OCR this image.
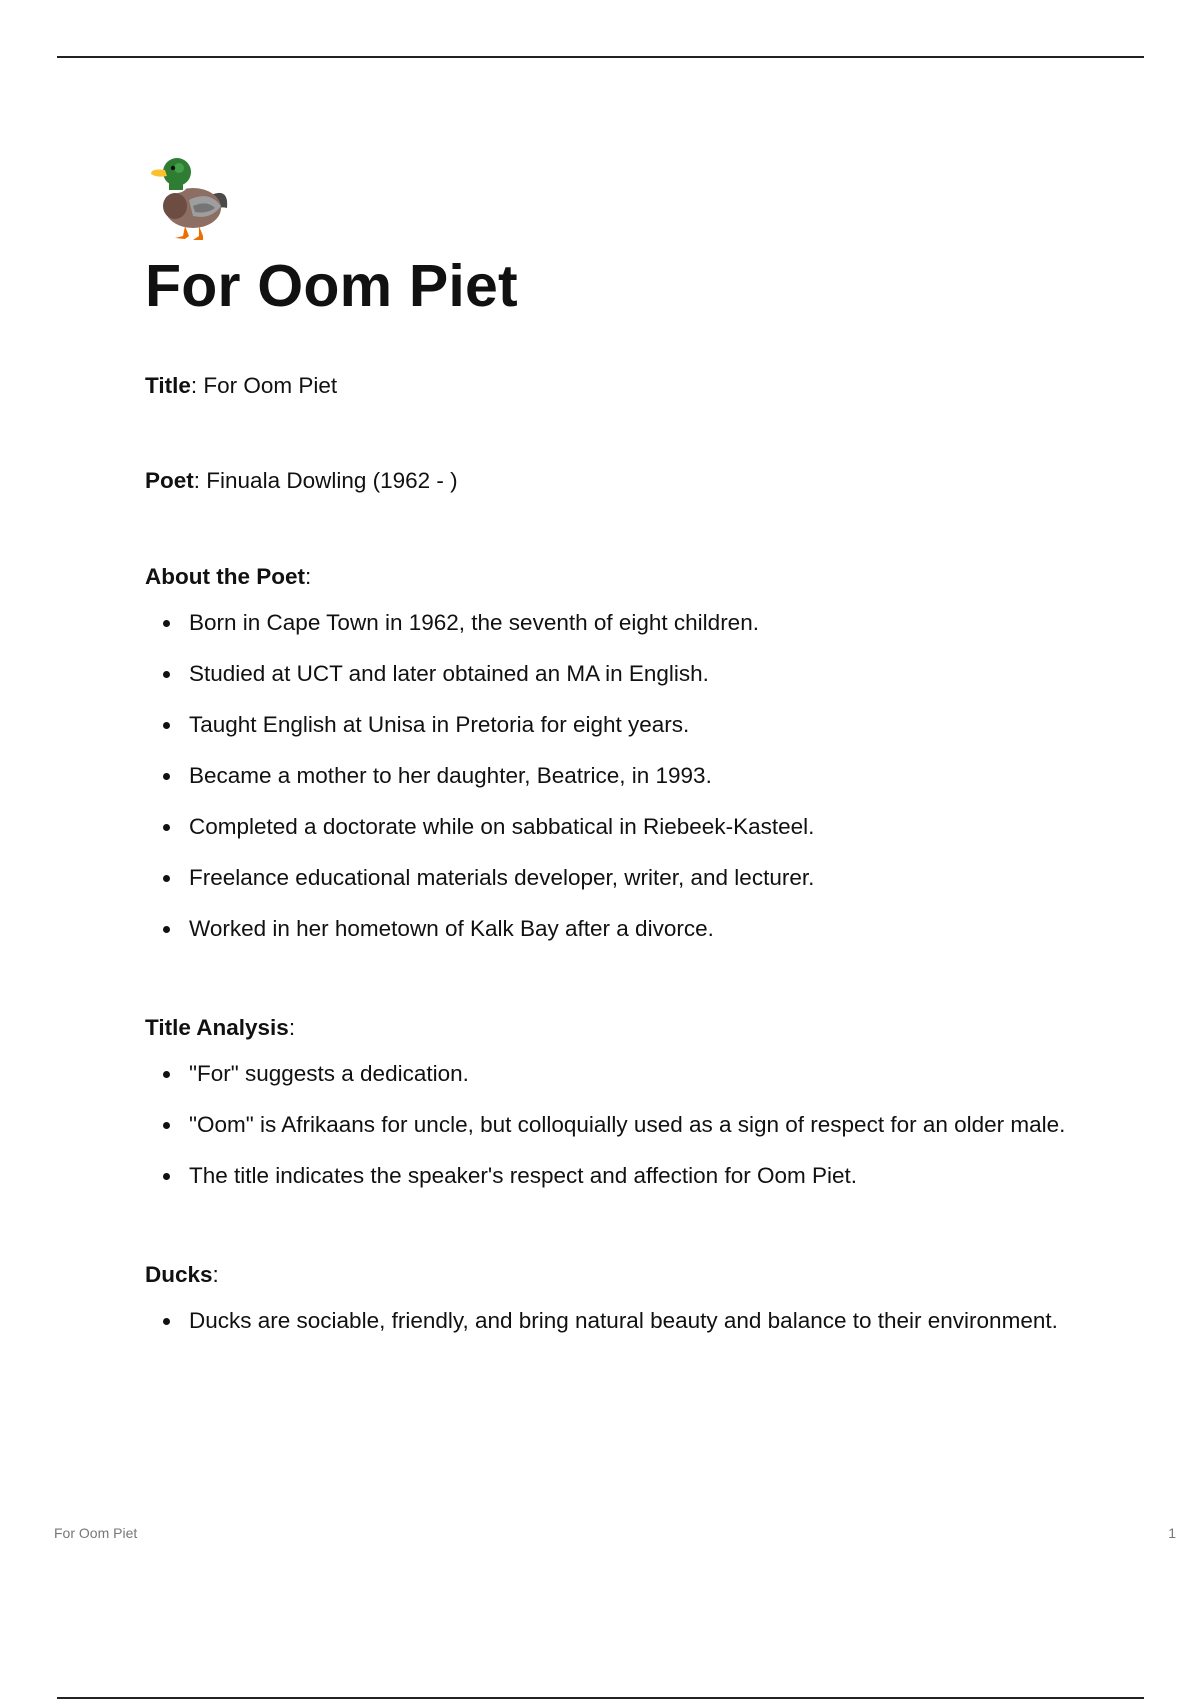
For Oom Piet

Title: For Oom Piet

Poet: Finuala Dowling (1962 - )

About the Poet:

Born in Cape Town in 1962, the seventh of eight children.
Studied at UCT and later obtained an MA in English.
Taught English at Unisa in Pretoria for eight years.
Became a mother to her daughter, Beatrice, in 1993.
Completed a doctorate while on sabbatical in Riebeek-Kasteel.
Freelance educational materials developer, writer, and lecturer.
Worked in her hometown of Kalk Bay after a divorce.

Title Analysis:

"For" suggests a dedication.
"Oom" is Afrikaans for uncle, but colloquially used as a sign of respect for an older male.
The title indicates the speaker's respect and affection for Oom Piet.

Ducks:

Ducks are sociable, friendly, and bring natural beauty and balance to their environment.
For Oom Piet	1
